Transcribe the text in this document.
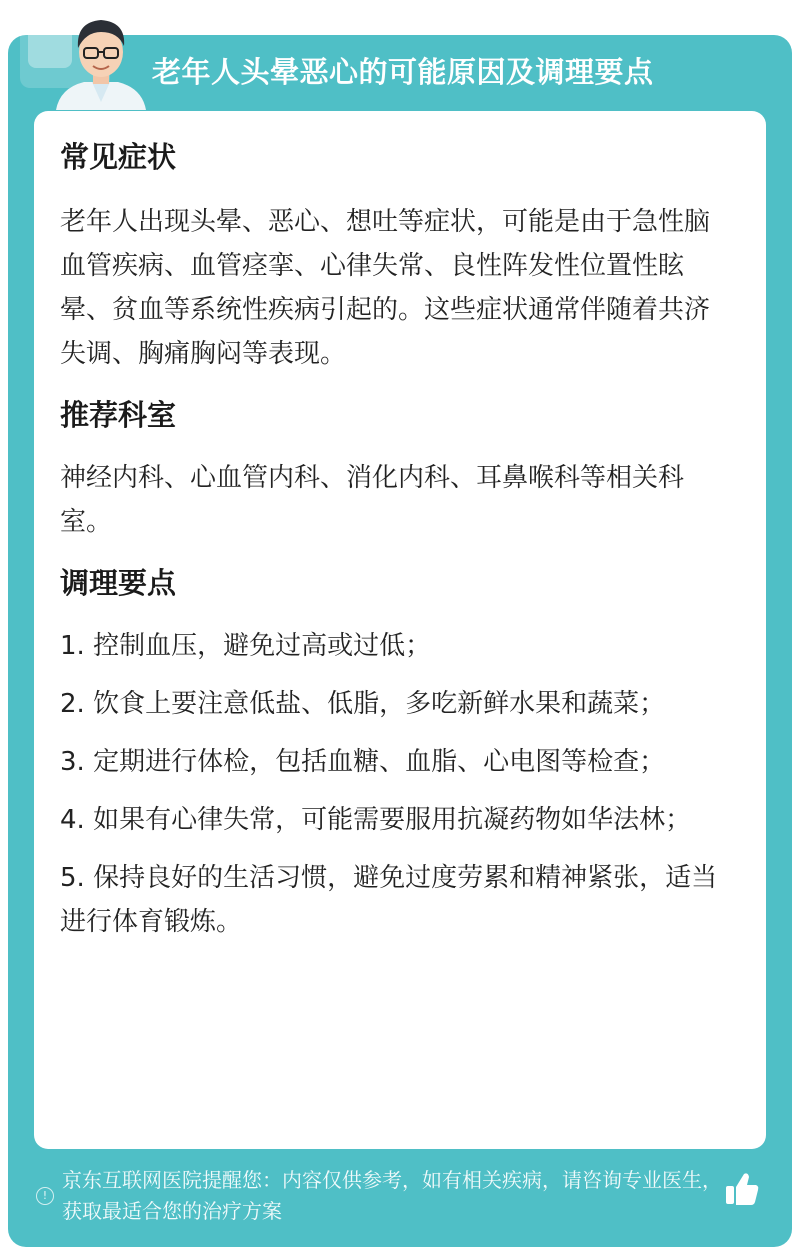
老年人头晕恶心的可能原因及调理要点
常见症状

老年人出现头晕、恶心、想吐等症状，可能是由于急性脑血管疾病、血管痉挛、心律失常、良性阵发性位置性眩晕、贫血等系统性疾病引起的。这些症状通常伴随着共济失调、胸痛胸闷等表现。

推荐科室

神经内科、心血管内科、消化内科、耳鼻喉科等相关科室。

调理要点

1. 控制血压，避免过高或过低；

2. 饮食上要注意低盐、低脂，多吃新鲜水果和蔬菜；

3. 定期进行体检，包括血糖、血脂、心电图等检查；

4. 如果有心律失常，可能需要服用抗凝药物如华法林；

5. 保持良好的生活习惯，避免过度劳累和精神紧张，适当进行体育锻炼。

!

京东互联网医院提醒您：内容仅供参考，如有相关疾病，请咨询专业医生，获取最适合您的治疗方案
